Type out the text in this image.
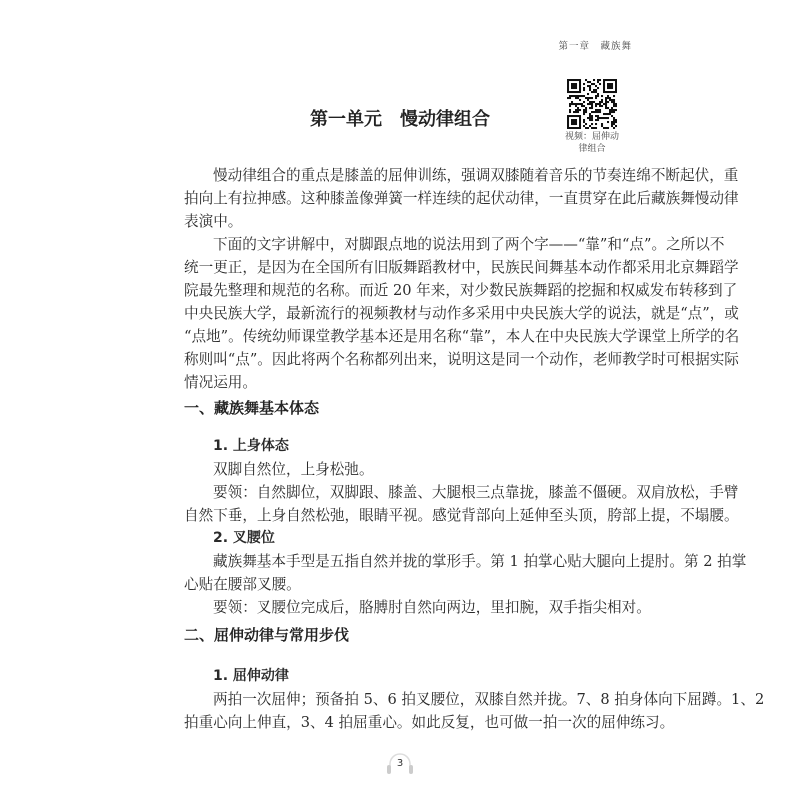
第一章　藏族舞
视频：屈伸动
律组合
第一单元　慢动律组合
慢动律组合的重点是膝盖的屈伸训练，强调双膝随着音乐的节奏连绵不断起伏，重
拍向上有拉抻感。这种膝盖像弹簧一样连续的起伏动律，一直贯穿在此后藏族舞慢动律
表演中。
下面的文字讲解中，对脚跟点地的说法用到了两个字——“靠”和“点”。之所以不
统一更正，是因为在全国所有旧版舞蹈教材中，民族民间舞基本动作都采用北京舞蹈学
院最先整理和规范的名称。而近 20 年来，对少数民族舞蹈的挖掘和权威发布转移到了
中央民族大学，最新流行的视频教材与动作多采用中央民族大学的说法，就是“点”，或
“点地”。传统幼师课堂教学基本还是用名称“靠”，本人在中央民族大学课堂上所学的名
称则叫“点”。因此将两个名称都列出来，说明这是同一个动作，老师教学时可根据实际
情况运用。
一、藏族舞基本体态
1. 上身体态
双脚自然位，上身松弛。
要领：自然脚位，双脚跟、膝盖、大腿根三点靠拢，膝盖不僵硬。双肩放松，手臂
自然下垂，上身自然松弛，眼睛平视。感觉背部向上延伸至头顶，胯部上提，不塌腰。
2. 叉腰位
藏族舞基本手型是五指自然并拢的掌形手。第 1 拍掌心贴大腿向上提肘。第 2 拍掌
心贴在腰部叉腰。
要领：叉腰位完成后，胳膊肘自然向两边，里扣腕，双手指尖相对。
二、屈伸动律与常用步伐
1. 屈伸动律
两拍一次屈伸；预备拍 5、6 拍叉腰位，双膝自然并拢。7、8 拍身体向下屈蹲。1、2
拍重心向上伸直，3、4 拍屈重心。如此反复，也可做一拍一次的屈伸练习。
3
